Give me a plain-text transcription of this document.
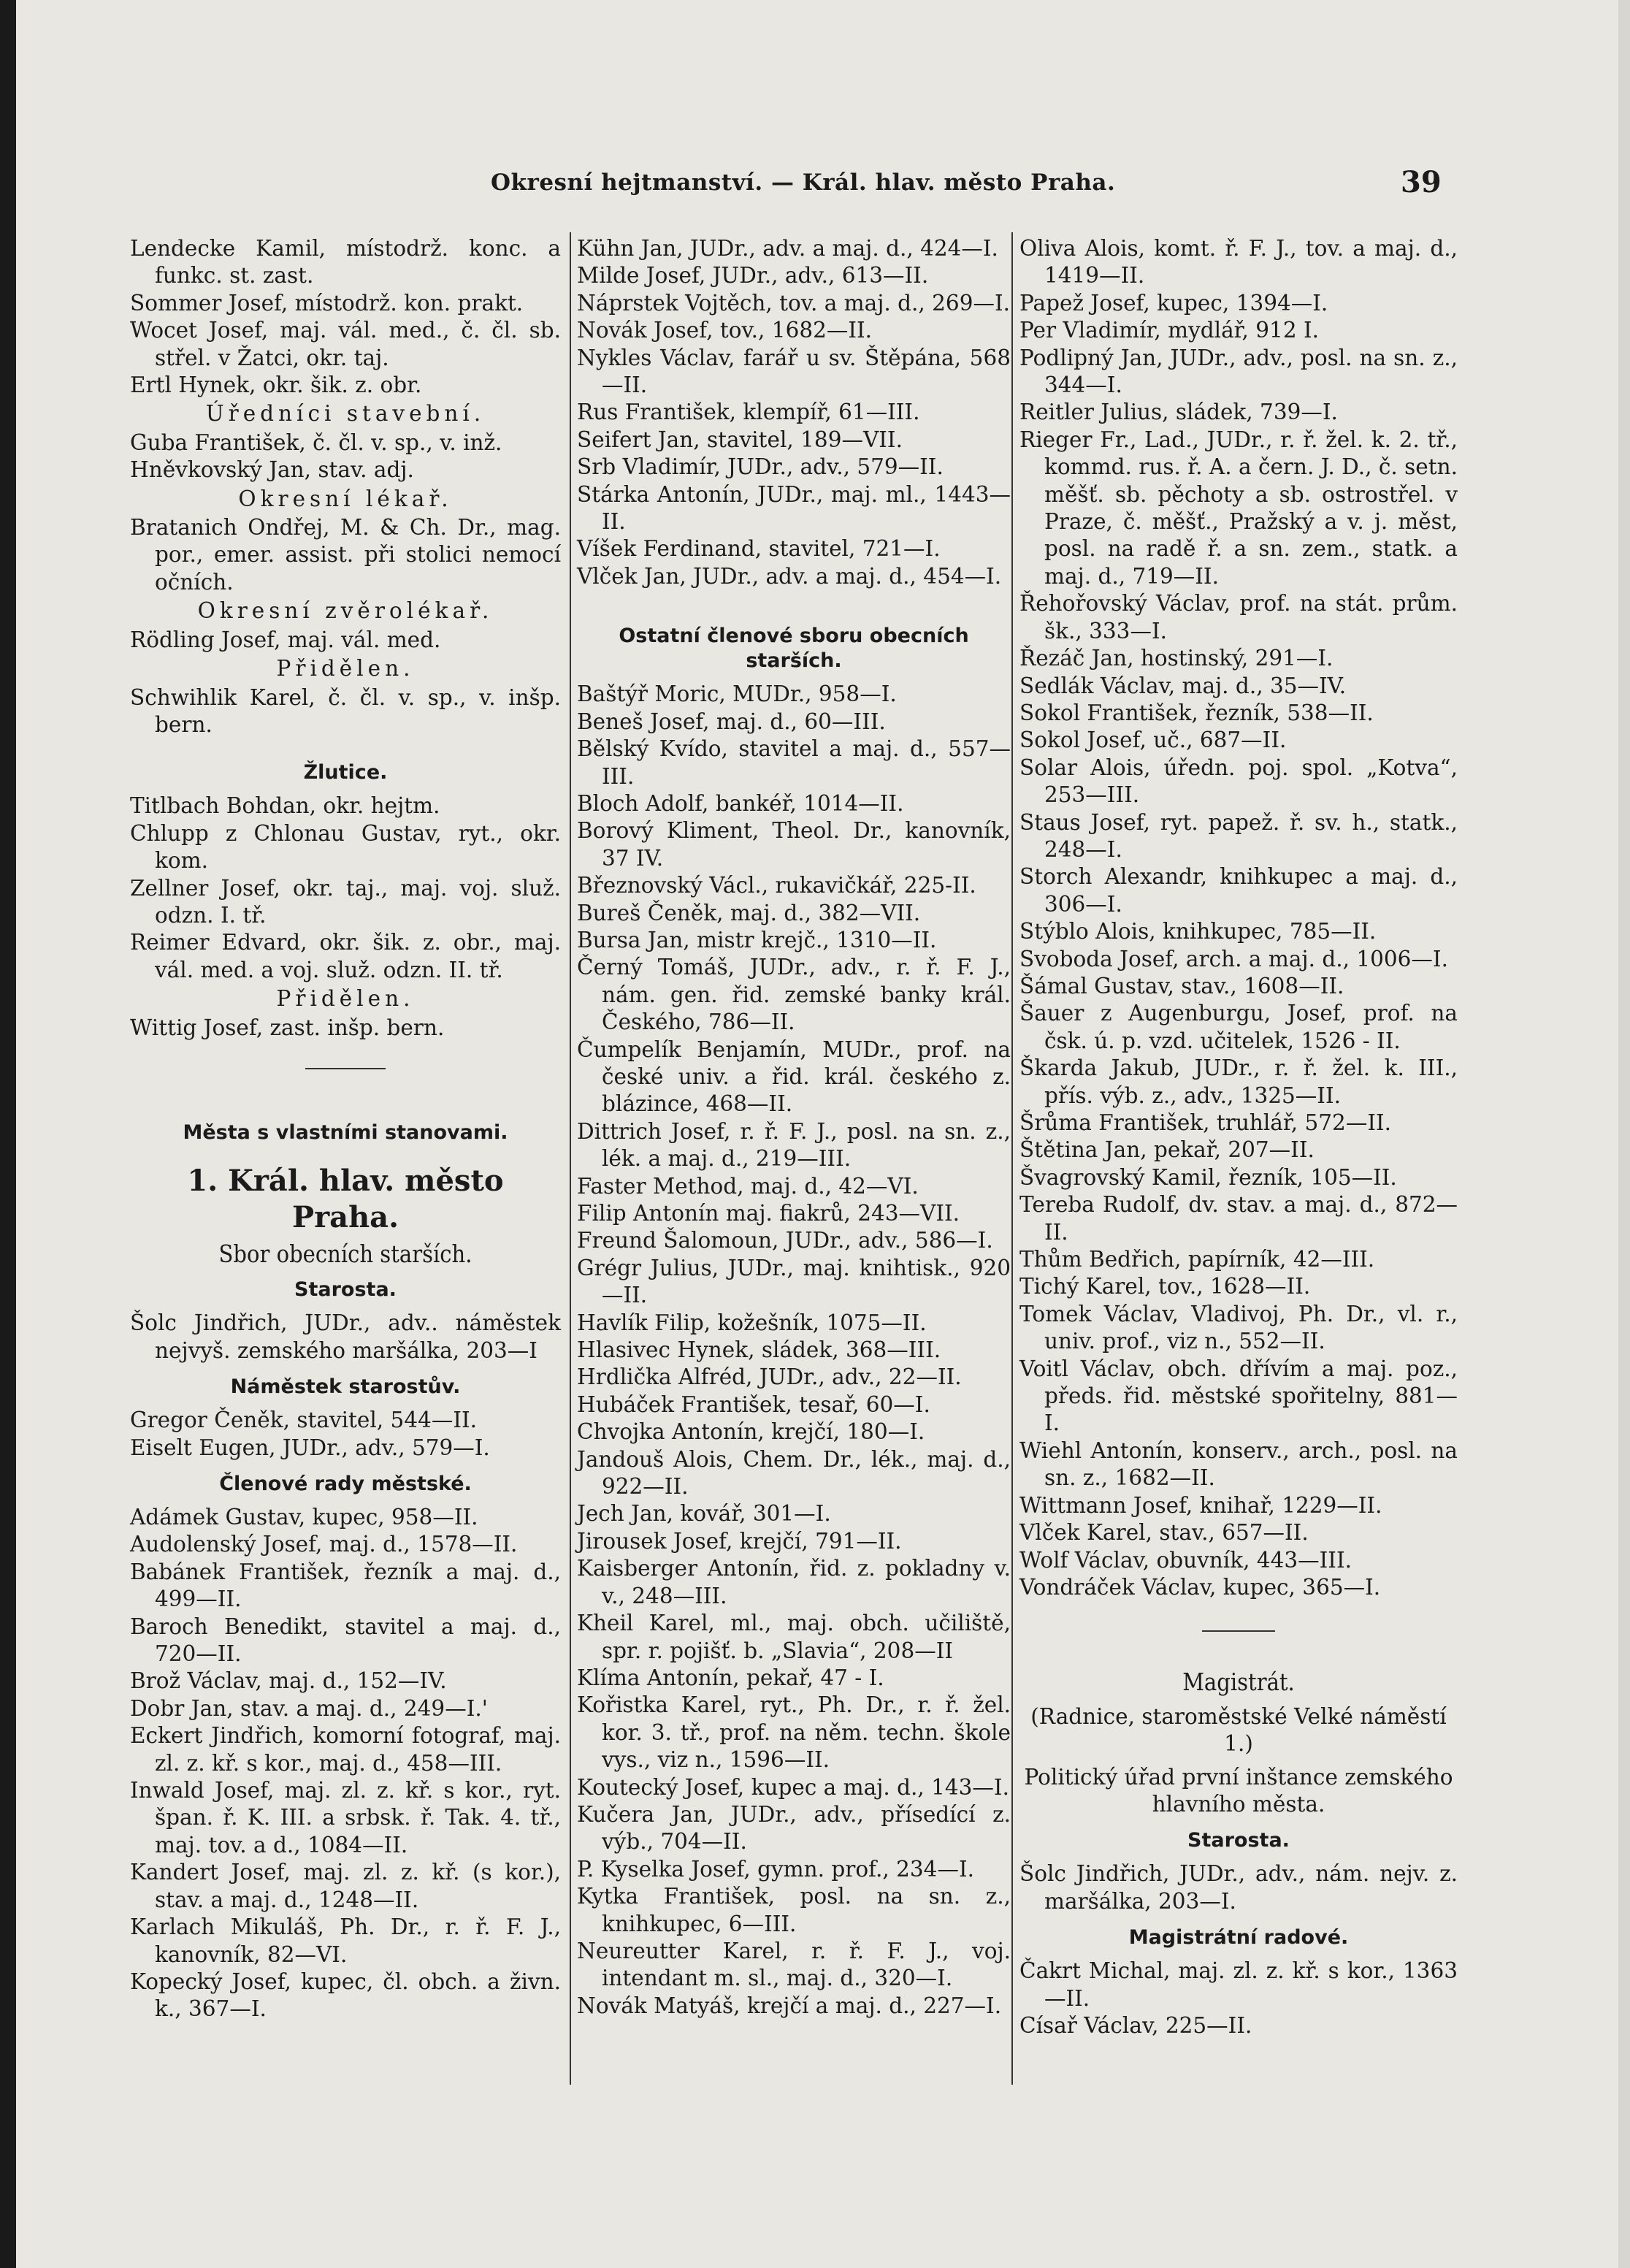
Okresní hejtmanství. — Král. hlav. město Praha.	39

Lendecke Kamil, místodrž. konc. a funkc. st. zast.

Sommer Josef, místodrž. kon. prakt.

Wocet Josef, maj. vál. med., č. čl. sb. střel. v Žatci, okr. taj.

Ertl Hynek, okr. šik. z. obr.

Úředníci stavební.

Guba František, č. čl. v. sp., v. inž.

Hněvkovský Jan, stav. adj.

Okresní lékař.

Bratanich Ondřej, M. & Ch. Dr., mag. por., emer. assist. při stolici nemocí očních.

Okresní zvěrolékař.

Rödling Josef, maj. vál. med.

Přidělen.

Schwihlik Karel, č. čl. v. sp., v. inšp. bern.

Žlutice.

Titlbach Bohdan, okr. hejtm.

Chlupp z Chlonau Gustav, ryt., okr. kom.

Zellner Josef, okr. taj., maj. voj. služ. odzn. I. tř.

Reimer Edvard, okr. šik. z. obr., maj. vál. med. a voj. služ. odzn. II. tř.

Přidělen.

Wittig Josef, zast. inšp. bern.

Města s vlastními stanovami.

1. Král. hlav. město Praha.

Sbor obecních starších.

Starosta.

Šolc Jindřich, JUDr., adv.. náměstek nejvyš. zemského maršálka, 203—I

Náměstek starostův.

Gregor Čeněk, stavitel, 544—II.

Eiselt Eugen, JUDr., adv., 579—I.

Členové rady městské.

Adámek Gustav, kupec, 958—II.

Audolenský Josef, maj. d., 1578—II.

Babánek František, řezník a maj. d., 499—II.

Baroch Benedikt, stavitel a maj. d., 720—II.

Brož Václav, maj. d., 152—IV.

Dobr Jan, stav. a maj. d., 249—I.'

Eckert Jindřich, komorní fotograf, maj. zl. z. kř. s kor., maj. d., 458—III.

Inwald Josef, maj. zl. z. kř. s kor., ryt. špan. ř. K. III. a srbsk. ř. Tak. 4. tř., maj. tov. a d., 1084—II.

Kandert Josef, maj. zl. z. kř. (s kor.), stav. a maj. d., 1248—II.

Karlach Mikuláš, Ph. Dr., r. ř. F. J., kanovník, 82—VI.

Kopecký Josef, kupec, čl. obch. a živn. k., 367—I.

Kühn Jan, JUDr., adv. a maj. d., 424—I.

Milde Josef, JUDr., adv., 613—II.

Náprstek Vojtěch, tov. a maj. d., 269—I.

Novák Josef, tov., 1682—II.

Nykles Václav, farář u sv. Štěpána, 568—II.

Rus František, klempíř, 61—III.

Seifert Jan, stavitel, 189—VII.

Srb Vladimír, JUDr., adv., 579—II.

Stárka Antonín, JUDr., maj. ml., 1443—II.

Víšek Ferdinand, stavitel, 721—I.

Vlček Jan, JUDr., adv. a maj. d., 454—I.

Ostatní členové sboru obecních starších.

Baštýř Moric, MUDr., 958—I.

Beneš Josef, maj. d., 60—III.

Bělský Kvído, stavitel a maj. d., 557—III.

Bloch Adolf, bankéř, 1014—II.

Borový Kliment, Theol. Dr., kanovník, 37 IV.

Březnovský Václ., rukavičkář, 225-II.

Bureš Čeněk, maj. d., 382—VII.

Bursa Jan, mistr krejč., 1310—II.

Černý Tomáš, JUDr., adv., r. ř. F. J., nám. gen. řid. zemské banky král. Českého, 786—II.

Čumpelík Benjamín, MUDr., prof. na české univ. a řid. král. českého z. blázince, 468—II.

Dittrich Josef, r. ř. F. J., posl. na sn. z., lék. a maj. d., 219—III.

Faster Method, maj. d., 42—VI.

Filip Antonín maj. fiakrů, 243—VII.

Freund Šalomoun, JUDr., adv., 586—I.

Grégr Julius, JUDr., maj. knihtisk., 920—II.

Havlík Filip, kožešník, 1075—II.

Hlasivec Hynek, sládek, 368—III.

Hrdlička Alfréd, JUDr., adv., 22—II.

Hubáček František, tesař, 60—I.

Chvojka Antonín, krejčí, 180—I.

Jandouš Alois, Chem. Dr., lék., maj. d., 922—II.

Jech Jan, kovář, 301—I.

Jirousek Josef, krejčí, 791—II.

Kaisberger Antonín, řid. z. pokladny v. v., 248—III.

Kheil Karel, ml., maj. obch. učiliště, spr. r. pojišť. b. „Slavia“, 208—II

Klíma Antonín, pekař, 47 - I.

Kořistka Karel, ryt., Ph. Dr., r. ř. žel. kor. 3. tř., prof. na něm. techn. škole vys., viz n., 1596—II.

Koutecký Josef, kupec a maj. d., 143—I.

Kučera Jan, JUDr., adv., přísedící z. výb., 704—II.

P. Kyselka Josef, gymn. prof., 234—I.

Kytka František, posl. na sn. z., knihkupec, 6—III.

Neureutter Karel, r. ř. F. J., voj. intendant m. sl., maj. d., 320—I.

Novák Matyáš, krejčí a maj. d., 227—I.

Oliva Alois, komt. ř. F. J., tov. a maj. d., 1419—II.

Papež Josef, kupec, 1394—I.

Per Vladimír, mydlář, 912 I.

Podlipný Jan, JUDr., adv., posl. na sn. z., 344—I.

Reitler Julius, sládek, 739—I.

Rieger Fr., Lad., JUDr., r. ř. žel. k. 2. tř., kommd. rus. ř. A. a čern. J. D., č. setn. měšť. sb. pěchoty a sb. ostrostřel. v Praze, č. měšť., Pražský a v. j. měst, posl. na radě ř. a sn. zem., statk. a maj. d., 719—II.

Řehořovský Václav, prof. na stát. prům. šk., 333—I.

Řezáč Jan, hostinský, 291—I.

Sedlák Václav, maj. d., 35—IV.

Sokol František, řezník, 538—II.

Sokol Josef, uč., 687—II.

Solar Alois, úředn. poj. spol. „Kotva“, 253—III.

Staus Josef, ryt. papež. ř. sv. h., statk., 248—I.

Storch Alexandr, knihkupec a maj. d., 306—I.

Stýblo Alois, knihkupec, 785—II.

Svoboda Josef, arch. a maj. d., 1006—I.

Šámal Gustav, stav., 1608—II.

Šauer z Augenburgu, Josef, prof. na čsk. ú. p. vzd. učitelek, 1526 - II.

Škarda Jakub, JUDr., r. ř. žel. k. III., přís. výb. z., adv., 1325—II.

Šrůma František, truhlář, 572—II.

Štětina Jan, pekař, 207—II.

Švagrovský Kamil, řezník, 105—II.

Tereba Rudolf, dv. stav. a maj. d., 872—II.

Thům Bedřich, papírník, 42—III.

Tichý Karel, tov., 1628—II.

Tomek Václav, Vladivoj, Ph. Dr., vl. r., univ. prof., viz n., 552—II.

Voitl Václav, obch. dřívím a maj. poz., předs. řid. městské spořitelny, 881—I.

Wiehl Antonín, konserv., arch., posl. na sn. z., 1682—II.

Wittmann Josef, knihař, 1229—II.

Vlček Karel, stav., 657—II.

Wolf Václav, obuvník, 443—III.

Vondráček Václav, kupec, 365—I.

Magistrát.

(Radnice, staroměstské Velké náměstí 1.)

Politický úřad první inštance zemského hlavního města.

Starosta.

Šolc Jindřich, JUDr., adv., nám. nejv. z. maršálka, 203—I.

Magistrátní radové.

Čakrt Michal, maj. zl. z. kř. s kor., 1363—II.

Císař Václav, 225—II.
